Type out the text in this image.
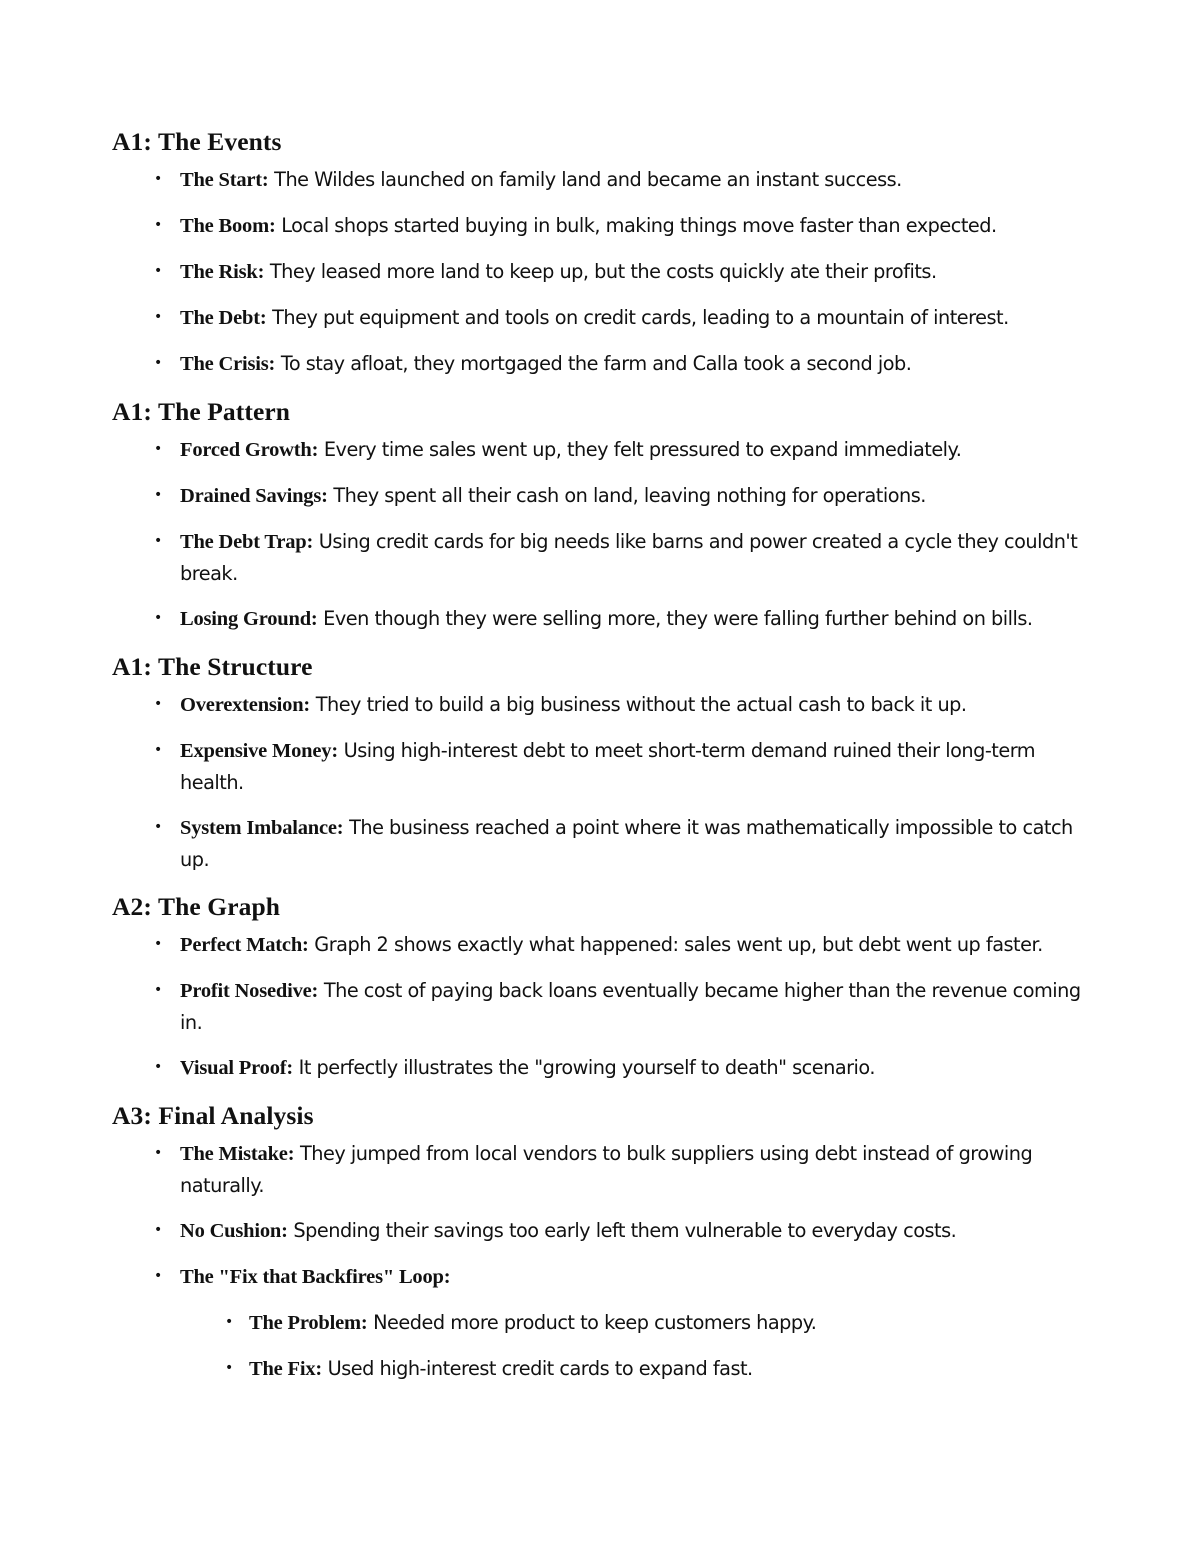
A1: The Events
• The Start: The Wildes launched on family land and became an instant success.
• The Boom: Local shops started buying in bulk, making things move faster than expected.
• The Risk: They leased more land to keep up, but the costs quickly ate their profits.
• The Debt: They put equipment and tools on credit cards, leading to a mountain of interest.
• The Crisis: To stay afloat, they mortgaged the farm and Calla took a second job.
A1: The Pattern
• Forced Growth: Every time sales went up, they felt pressured to expand immediately.
• Drained Savings: They spent all their cash on land, leaving nothing for operations.
• The Debt Trap: Using credit cards for big needs like barns and power created a cycle they couldn't break.
• Losing Ground: Even though they were selling more, they were falling further behind on bills.
A1: The Structure
• Overextension: They tried to build a big business without the actual cash to back it up.
• Expensive Money: Using high-interest debt to meet short-term demand ruined their long-term health.
• System Imbalance: The business reached a point where it was mathematically impossible to catch up.
A2: The Graph
• Perfect Match: Graph 2 shows exactly what happened: sales went up, but debt went up faster.
• Profit Nosedive: The cost of paying back loans eventually became higher than the revenue coming in.
• Visual Proof: It perfectly illustrates the "growing yourself to death" scenario.
A3: Final Analysis
• The Mistake: They jumped from local vendors to bulk suppliers using debt instead of growing naturally.
• No Cushion: Spending their savings too early left them vulnerable to everyday costs.
• The "Fix that Backfires" Loop:
• The Problem: Needed more product to keep customers happy.
• The Fix: Used high-interest credit cards to expand fast.
